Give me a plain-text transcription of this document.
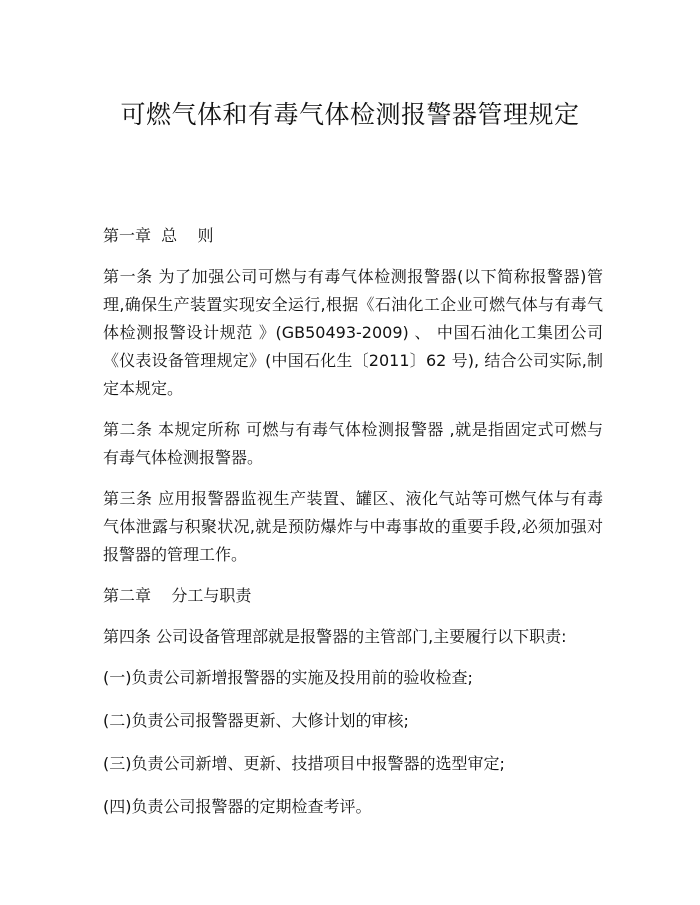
可燃气体和有毒气体检测报警器管理规定

第一章  总    则

第一条 为了加强公司可燃与有毒气体检测报警器(以下简称报警器)管理,确保生产装置实现安全运行,根据《石油化工企业可燃气体与有毒气体检测报警设计规范 》(GB50493-2009) 、 中国石油化工集团公司《仪表设备管理规定》(中国石化生〔2011〕62 号), 结合公司实际,制定本规定。

第二条 本规定所称 可燃与有毒气体检测报警器 ,就是指固定式可燃与有毒气体检测报警器。

第三条 应用报警器监视生产装置、罐区、液化气站等可燃气体与有毒气体泄露与积聚状况,就是预防爆炸与中毒事故的重要手段,必须加强对报警器的管理工作。

第二章    分工与职责

第四条 公司设备管理部就是报警器的主管部门,主要履行以下职责:

(一)负责公司新增报警器的实施及投用前的验收检查;

(二)负责公司报警器更新、大修计划的审核;

(三)负责公司新增、更新、技措项目中报警器的选型审定;

(四)负责公司报警器的定期检查考评。
